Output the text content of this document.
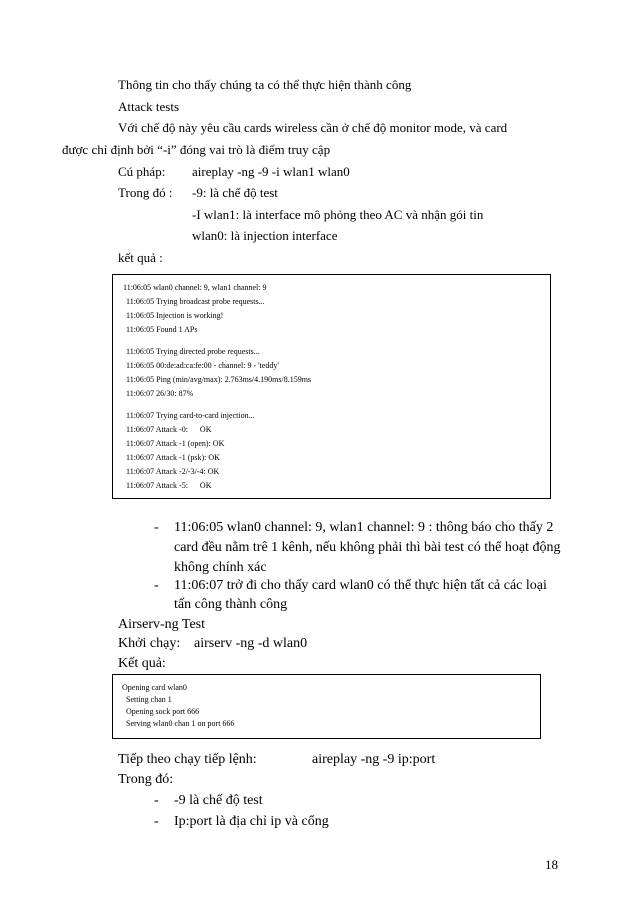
Thông tin cho thấy chúng ta có thể thực hiện thành công
Attack tests
Với chế độ này yêu cầu cards wireless cần ở chế độ monitor mode, và card
được chỉ định bởi “-i” đóng vai trò là điểm truy cập
Cú pháp: aireplay -ng -9 -i wlan1 wlan0
Trong đó : -9: là chế độ test
-I wlan1: là interface mô phỏng theo AC và nhận gói tin
wlan0: là injection interface
kết quả :
11:06:05 wlan0 channel: 9, wlan1 channel: 9
11:06:05 Trying broadcast probe requests...
11:06:05 Injection is working!
11:06:05 Found 1 APs
11:06:05 Trying directed probe requests...
11:06:05 00:de:ad:ca:fe:00 - channel: 9 - 'teddy'
11:06:05 Ping (min/avg/max): 2.763ms/4.190ms/8.159ms
11:06:07 26/30: 87%
11:06:07 Trying card-to-card injection...
11:06:07 Attack -0:      OK
11:06:07 Attack -1 (open): OK
11:06:07 Attack -1 (psk): OK
11:06:07 Attack -2/-3/-4: OK
11:06:07 Attack -5:      OK
- 11:06:05 wlan0 channel: 9, wlan1 channel: 9 : thông báo cho thấy 2
card đều nằm trê 1 kênh, nếu không phải thì bài test có thể hoạt động
không chính xác
- 11:06:07 trở đi cho thấy card wlan0 có thể thực hiện tất cả các loại
tấn công thành công
Airserv-ng Test
Khởi chạy: airserv -ng -d wlan0
Kết quả:
Opening card wlan0
Setting chan 1
Opening sock port 666
Serving wlan0 chan 1 on port 666
Tiếp theo chạy tiếp lệnh:	aireplay -ng -9 ip:port
Trong đó:
- -9 là chế độ test
- Ip:port là địa chỉ ip và cổng
18
